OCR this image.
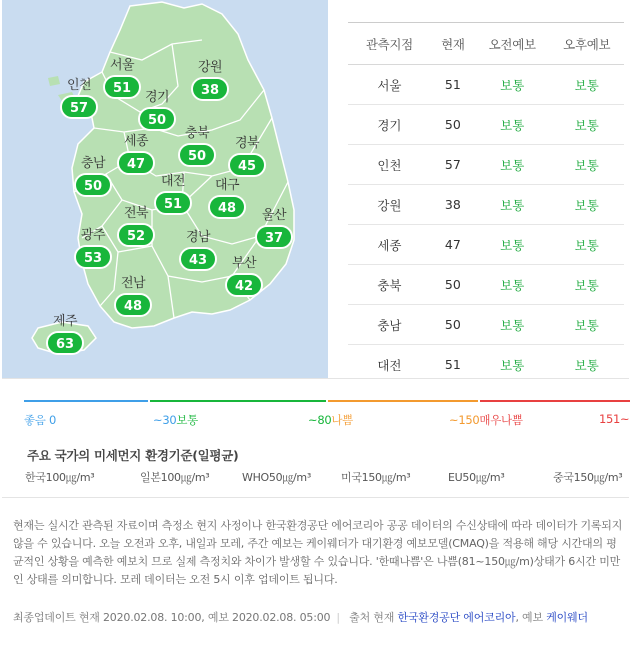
서울
51
강원
38
인천
57
경기
50
세종
47
충북
50
경북
45
충남
50	대전
51
대구
48
전북
52
울산
37
광주
53
경남
43	부산
42
전남
48
제주
63
관측지점	현재	오전예보	오후예보
서울	51	보통	보통
경기	50	보통	보통
인천	57	보통	보통
강원	38	보통	보통
세종	47	보통	보통
충북	50	보통	보통
충남	50	보통	보통
대전	51	보통	보통
좋음 0	~30보통	~80나쁨	~150매우나쁨	151~
주요 국가의 미세먼지 환경기준(일평균)
한국100㎍/m³	일본100㎍/m³	WHO50㎍/m³	미국150㎍/m³	EU50㎍/m³	중국150㎍/m³
현재는 실시간 관측된 자료이며 측정소 현지 사정이나 한국환경공단 에어코리아 공공 데이터의 수신상태에 따라 데이터가 기록되지 않을 수 있습니다. 오늘 오전과 오후, 내일과 모레, 주간 예보는 케이웨더가 대기환경 예보모델(CMAQ)을 적용해 해당 시간대의 평균적인 상황을 예측한 예보치 므로 실제 측정치와 차이가 발생할 수 있습니다. '한때나쁨'은 나쁨(81~150㎍/m)상태가 6시간 미만인 상태를 의미합니다. 모레 데이터는 오전 5시 이후 업데이트 됩니다.
최종업데이트 현재 2020.02.08. 10:00, 예보 2020.02.08. 05:00 | 출처 현재 한국환경공단 에어코리아, 예보 케이웨더
